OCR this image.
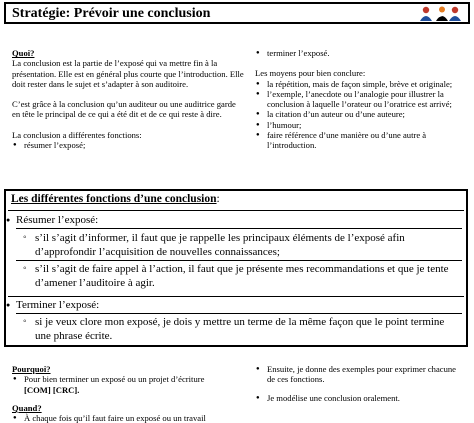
Stratégie: Prévoir une conclusion

Quoi?

La conclusion est la partie de l’exposé qui va mettre fin à la présentation. Elle est en général plus courte que l’introduction. Elle doit rester dans le sujet et s’adapter à son auditoire.

C’est grâce à la conclusion qu’un auditeur ou une auditrice garde en tête le principal de ce qui a été dit et de ce qui reste à dire.

La conclusion a différentes fonctions:

● résumer l’exposé;

● terminer l’exposé.

Les moyens pour bien conclure:

● la répétition, mais de façon simple, brève et originale;

● l’exemple, l’anecdote ou l’analogie pour illustrer la conclusion à laquelle l’orateur ou l’oratrice est arrivé;

● la citation d’un auteur ou d’une auteure;

● l’humour;

● faire référence d’une manière ou d’une autre à l’introduction.

Les différentes fonctions d’une conclusion:
● Résumer l’exposé:
◦ s’il s’agit d’informer, il faut que je rappelle les principaux éléments de l’exposé afin d’approfondir l’acquisition de nouvelles connaissances;
◦ s’il s’agit de faire appel à l’action, il faut que je présente mes recommandations et que je tente d’amener l’auditoire à agir.
● Terminer l’exposé:
◦ si je veux clore mon exposé, je dois y mettre un terme de la même façon que le point termine une phrase écrite.

Pourquoi?

● Pour bien terminer un exposé ou un projet d’écriture
[COM] [CRC].

Quand?

● À chaque fois qu’il faut faire un exposé ou un travail

● Ensuite, je donne des exemples pour exprimer chacune de ces fonctions.

● Je modélise une conclusion oralement.
